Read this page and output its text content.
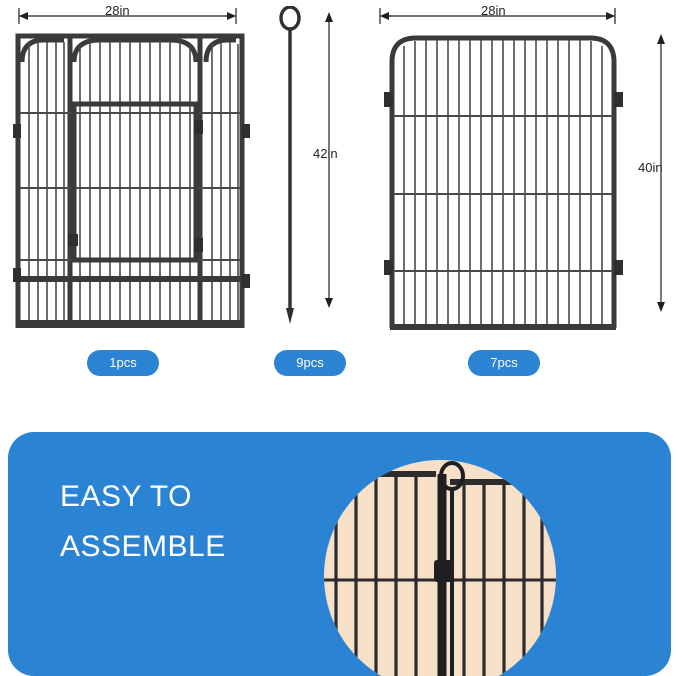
28in
1pcs
42in
9pcs
28in
40in
7pcs
EASY TO
ASSEMBLE
